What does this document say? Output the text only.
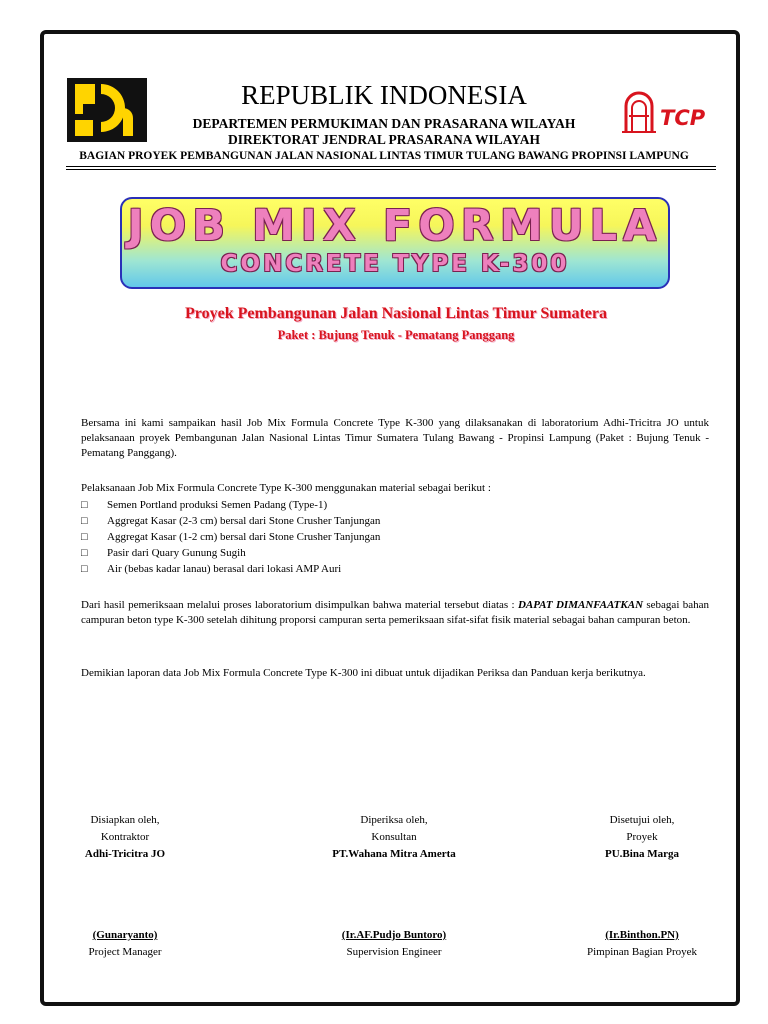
TCP
REPUBLIK INDONESIA
DEPARTEMEN PERMUKIMAN DAN PRASARANA WILAYAH
DIREKTORAT JENDRAL PRASARANA WILAYAH
BAGIAN PROYEK PEMBANGUNAN JALAN NASIONAL LINTAS TIMUR TULANG BAWANG PROPINSI LAMPUNG
JOB MIX FORMULA
CONCRETE TYPE K-300
Proyek Pembangunan Jalan Nasional Lintas Timur Sumatera
Paket : Bujung Tenuk - Pematang Panggang
Bersama ini kami sampaikan hasil Job Mix Formula Concrete Type K-300 yang dilaksanakan di laboratorium Adhi-Tricitra JO untuk pelaksanaan proyek Pembangunan Jalan Nasional Lintas Timur Sumatera Tulang Bawang - Propinsi Lampung (Paket : Bujung Tenuk - Pematang Panggang).
Pelaksanaan Job Mix Formula Concrete Type K-300 menggunakan material sebagai berikut :
□	Semen Portland produksi Semen Padang (Type-1)
□	Aggregat Kasar (2-3 cm) bersal dari Stone Crusher Tanjungan
□	Aggregat Kasar (1-2 cm) bersal dari Stone Crusher Tanjungan
□	Pasir dari Quary Gunung Sugih
□	Air (bebas kadar lanau) berasal dari lokasi AMP Auri
Dari hasil pemeriksaan melalui proses laboratorium disimpulkan bahwa material tersebut diatas : DAPAT DIMANFAATKAN sebagai bahan campuran beton type K-300 setelah dihitung proporsi campuran serta pemeriksaan sifat-sifat fisik material sebagai bahan campuran beton.
Demikian laporan data Job Mix Formula Concrete Type K-300 ini dibuat untuk dijadikan Periksa dan Panduan kerja berikutnya.
Disiapkan oleh,
Kontraktor
Adhi-Tricitra JO
(Gunaryanto)
Project Manager
Diperiksa oleh,
Konsultan
PT.Wahana Mitra Amerta
(Ir.AF.Pudjo Buntoro)
Supervision Engineer
Disetujui oleh,
Proyek
PU.Bina Marga
(Ir.Binthon.PN)
Pimpinan Bagian Proyek
